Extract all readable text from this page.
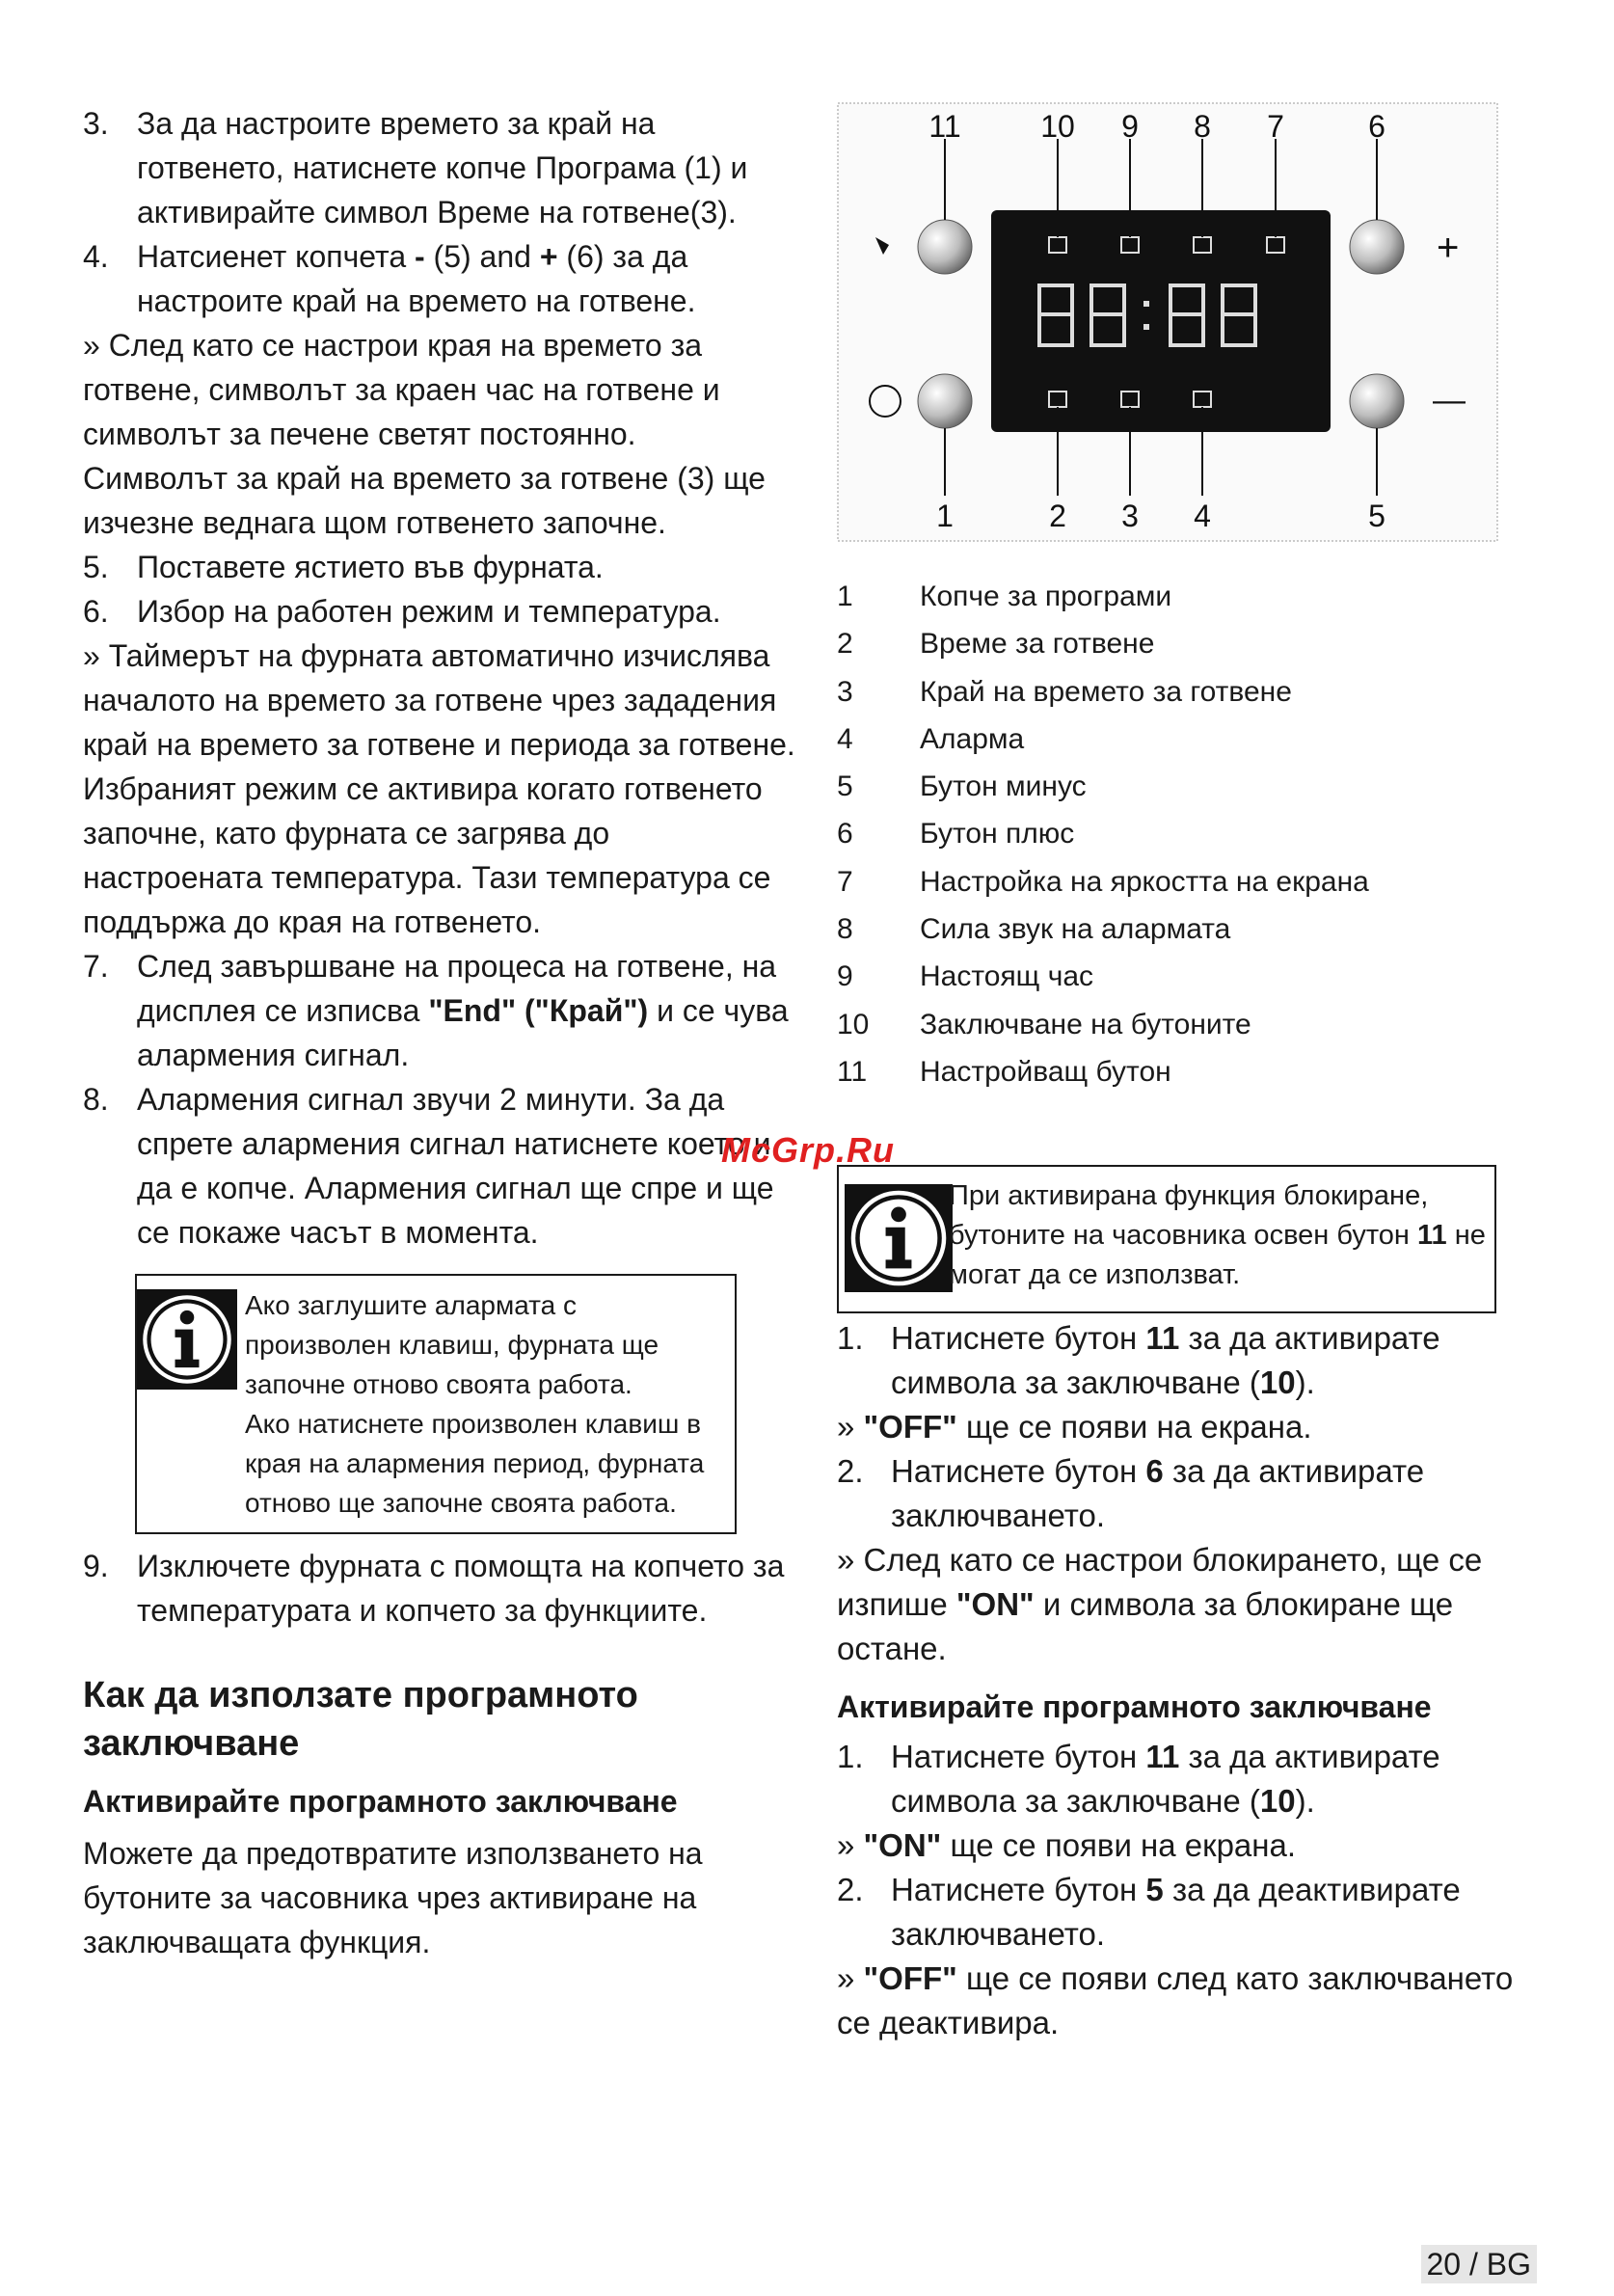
3. За да настроите времето за край на готвенето, натиснете копче Програма (1) и активирайте символ Време на готвене(3).
4. Натсиенет копчета - (5) and + (6) за да настроите край на времето на готвене.

» След като се настрои края на времето за готвене, символът за краен час на готвене и символът за печене светят постоянно.

Символът за край на времето за готвене (3) ще изчезне веднага щом готвенето започне.

5. Поставете ястието във фурната.
6. Избор на работен режим и температура.

» Таймерът на фурната автоматично изчислява началото на времето за готвене чрез зададения край на времето за готвене и периода за готвене. Избраният режим се активира когато готвенето започне, като фурната се загрява до настроената температура. Тази температура се поддържа до края на готвенето.

7. След завършване на процеса на готвене, на дисплея се изписва "End" ("Край") и се чува алармения сигнал.
8. Алармения сигнал звучи 2 минути. За да спрете алармения сигнал натиснете което и да е копче. Алармения сигнал ще спре и ще се покаже часът в момента.
Ако заглушите алармата с произволен клавиш, фурната ще започне отново своята работа.
Ако натиснете произволен клавиш в края на алармения период, фурната отново ще започне своята работа.
9. Изключете фурната с помощта на копчето за температурата и копчето за функциите.
Как да използате програмното заключване
Активирайте програмното заключване

Можете да предотвратите използването на бутоните за часовника чрез активиране на заключващата функция.

+
—
11	10 9 8 7	6
1	2 3 4	5
1 Копче за програми
2 Време за готвене
3 Край на времето за готвене
4 Аларма
5 Бутон минус
6 Бутон плюс
7 Настройка на яркостта на екрана
8 Сила звук на алармата
9 Настоящ час
10 Заключване на бутоните
11 Настройващ бутон
McGrp.Ru
При активирана функция блокиране, бутоните на часовника освен бутон 11 не могат да се използват.
1. Натиснете бутон 11 за да активирате символа за заключване (10).

» "OFF" ще се появи на екрана.

2. Натиснете бутон 6 за да активирате заключването.

» След като се настрои блокирането, ще се изпише "ON" и символа за блокиране ще остане.

Активирайте програмното заключване
1. Натиснете бутон 11 за да активирате символа за заключване (10).

» "ON" ще се появи на екрана.

2. Натиснете бутон 5 за да деактивирате заключването.

» "OFF" ще се появи след като заключването се деактивира.

20 / BG
